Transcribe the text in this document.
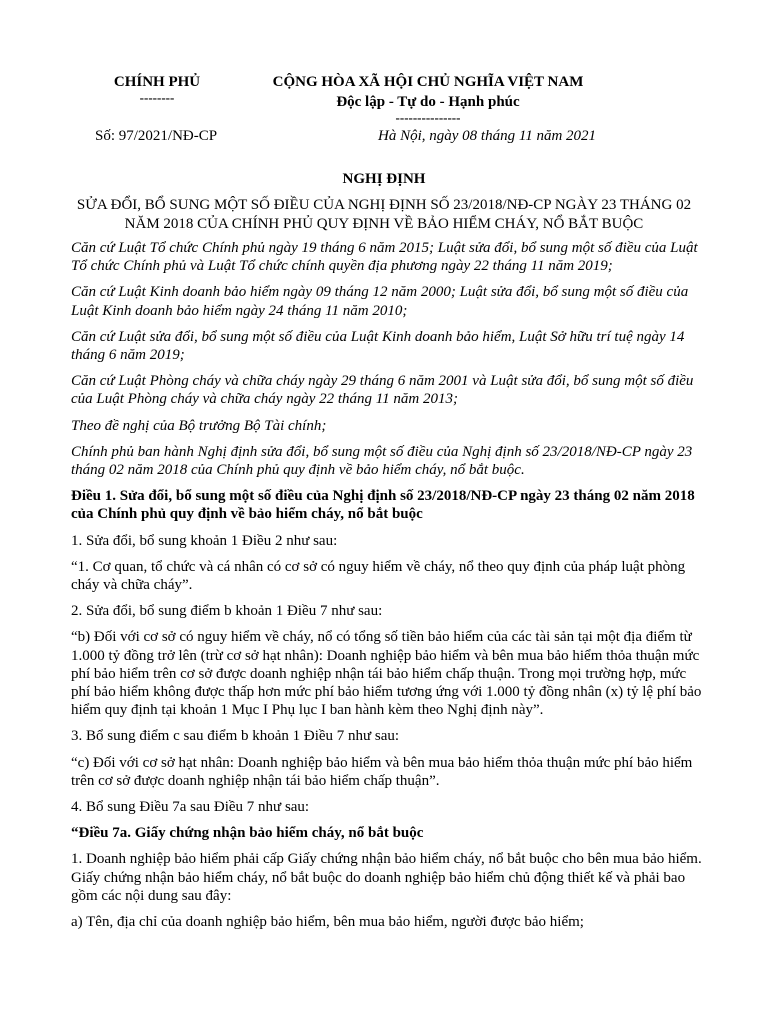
CHÍNH PHỦ
--------
CỘNG HÒA XÃ HỘI CHỦ NGHĨA VIỆT NAM
Độc lập - Tự do - Hạnh phúc
---------------
Số: 97/2021/NĐ-CP	Hà Nội, ngày 08 tháng 11 năm 2021
NGHỊ ĐỊNH
SỬA ĐỔI, BỔ SUNG MỘT SỐ ĐIỀU CỦA NGHỊ ĐỊNH SỐ 23/2018/NĐ-CP NGÀY 23 THÁNG 02 NĂM 2018 CỦA CHÍNH PHỦ QUY ĐỊNH VỀ BẢO HIỂM CHÁY, NỔ BẮT BUỘC

Căn cứ Luật Tổ chức Chính phủ ngày 19 tháng 6 năm 2015; Luật sửa đổi, bổ sung một số điều của Luật Tổ chức Chính phủ và Luật Tổ chức chính quyền địa phương ngày 22 tháng 11 năm 2019;

Căn cứ Luật Kinh doanh bảo hiểm ngày 09 tháng 12 năm 2000; Luật sửa đổi, bổ sung một số điều của Luật Kinh doanh bảo hiểm ngày 24 tháng 11 năm 2010;

Căn cứ Luật sửa đổi, bổ sung một số điều của Luật Kinh doanh bảo hiểm, Luật Sở hữu trí tuệ ngày 14 tháng 6 năm 2019;

Căn cứ Luật Phòng cháy và chữa cháy ngày 29 tháng 6 năm 2001 và Luật sửa đổi, bổ sung một số điều của Luật Phòng cháy và chữa cháy ngày 22 tháng 11 năm 2013;

Theo đề nghị của Bộ trưởng Bộ Tài chính;

Chính phủ ban hành Nghị định sửa đổi, bổ sung một số điều của Nghị định số 23/2018/NĐ-CP ngày 23 tháng 02 năm 2018 của Chính phủ quy định về bảo hiểm cháy, nổ bắt buộc.

Điều 1. Sửa đổi, bổ sung một số điều của Nghị định số 23/2018/NĐ-CP ngày 23 tháng 02 năm 2018 của Chính phủ quy định về bảo hiểm cháy, nổ bắt buộc

1. Sửa đổi, bổ sung khoản 1 Điều 2 như sau:

“1. Cơ quan, tổ chức và cá nhân có cơ sở có nguy hiểm về cháy, nổ theo quy định của pháp luật phòng cháy và chữa cháy”.

2. Sửa đổi, bổ sung điểm b khoản 1 Điều 7 như sau:

“b) Đối với cơ sở có nguy hiểm về cháy, nổ có tổng số tiền bảo hiểm của các tài sản tại một địa điểm từ 1.000 tỷ đồng trở lên (trừ cơ sở hạt nhân): Doanh nghiệp bảo hiểm và bên mua bảo hiểm thỏa thuận mức phí bảo hiểm trên cơ sở được doanh nghiệp nhận tái bảo hiểm chấp thuận. Trong mọi trường hợp, mức phí bảo hiểm không được thấp hơn mức phí bảo hiểm tương ứng với 1.000 tỷ đồng nhân (x) tỷ lệ phí bảo hiểm quy định tại khoản 1 Mục I Phụ lục I ban hành kèm theo Nghị định này”.

3. Bổ sung điểm c sau điểm b khoản 1 Điều 7 như sau:

“c) Đối với cơ sở hạt nhân: Doanh nghiệp bảo hiểm và bên mua bảo hiểm thỏa thuận mức phí bảo hiểm trên cơ sở được doanh nghiệp nhận tái bảo hiểm chấp thuận”.

4. Bổ sung Điều 7a sau Điều 7 như sau:

“Điều 7a. Giấy chứng nhận bảo hiểm cháy, nổ bắt buộc

1. Doanh nghiệp bảo hiểm phải cấp Giấy chứng nhận bảo hiểm cháy, nổ bắt buộc cho bên mua bảo hiểm. Giấy chứng nhận bảo hiểm cháy, nổ bắt buộc do doanh nghiệp bảo hiểm chủ động thiết kế và phải bao gồm các nội dung sau đây:

a) Tên, địa chỉ của doanh nghiệp bảo hiểm, bên mua bảo hiểm, người được bảo hiểm;
